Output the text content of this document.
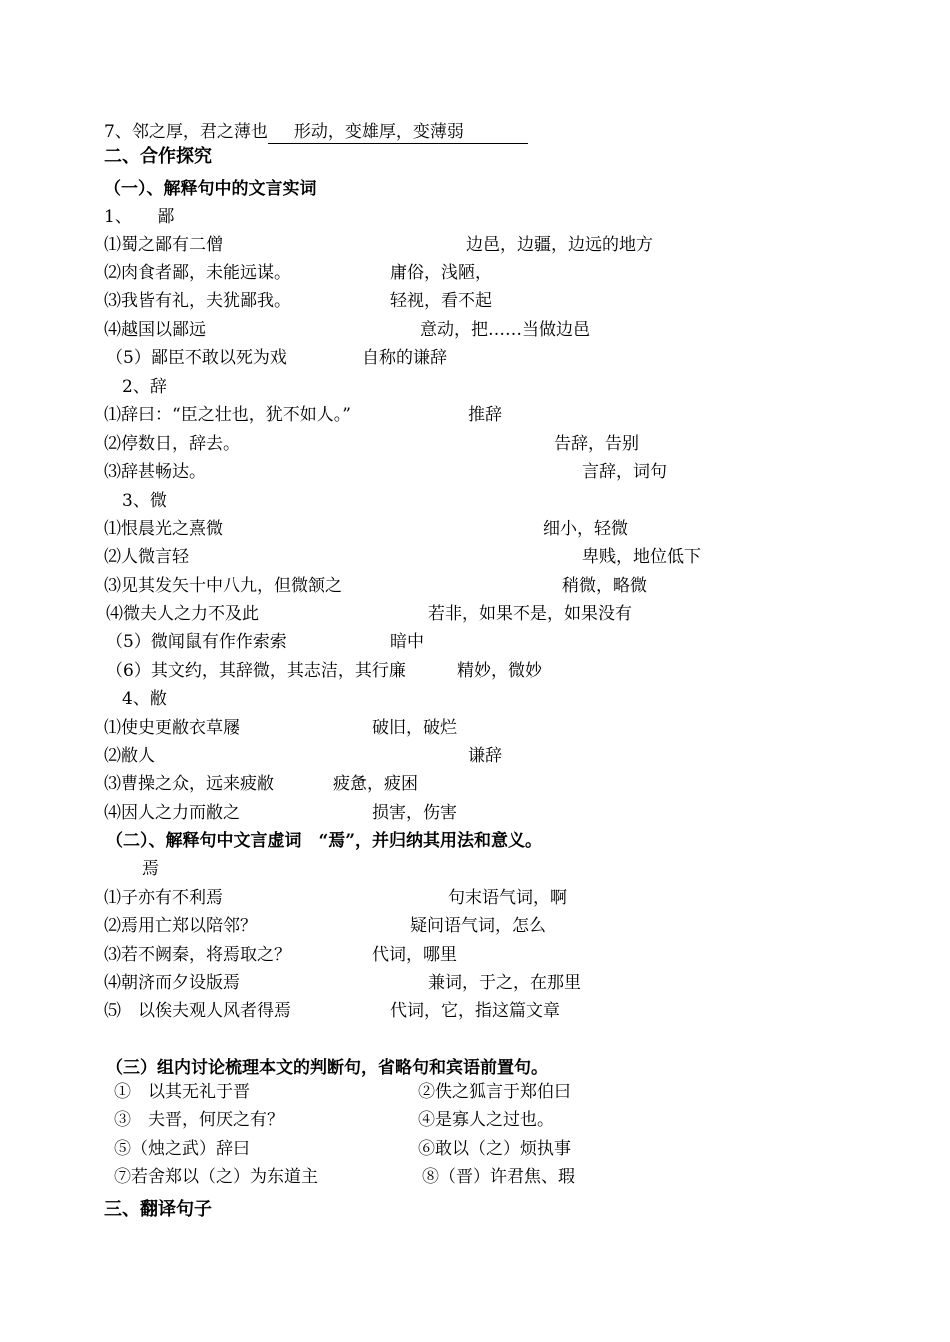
7、邻之厚，君之薄也 形动，变雄厚，变薄弱
二、合作探究
（一）、解释句中的文言实词
1、　　鄙
⑴蜀之鄙有二僧	边邑，边疆，边远的地方
⑵肉食者鄙，未能远谋。	庸俗，浅陋，
⑶我皆有礼，夫犹鄙我。	轻视，看不起
⑷越国以鄙远	意动，把……当做边邑
（5）鄙臣不敢以死为戏	自称的谦辞
2、辞
⑴辞曰：“臣之壮也，犹不如人。”	推辞
⑵停数日，辞去。	告辞，告别
⑶辞甚畅达。	言辞，词句
3、微
⑴恨晨光之熹微	细小，轻微
⑵人微言轻	卑贱，地位低下
⑶见其发矢十中八九，但微颔之	稍微，略微
⑷微夫人之力不及此	若非，如果不是，如果没有
（5）微闻鼠有作作索索	暗中
（6）其文约，其辞微，其志洁，其行廉	精妙，微妙
4、敝
⑴使史更敝衣草屦	破旧，破烂
⑵敝人	谦辞
⑶曹操之众，远来疲敝	疲惫，疲困
⑷因人之力而敝之	损害，伤害
（二）、解释句中文言虚词　“焉”，并归纳其用法和意义。
焉
⑴子亦有不利焉	句末语气词，啊
⑵焉用亡郑以陪邻？	疑问语气词，怎么
⑶若不阙秦，将焉取之？	代词，哪里
⑷朝济而夕设版焉	兼词，于之，在那里
⑸　以俟夫观人风者得焉	代词，它，指这篇文章
（三）组内讨论梳理本文的判断句，省略句和宾语前置句。
①　以其无礼于晋	②佚之狐言于郑伯曰
③　夫晋，何厌之有？	④是寡人之过也。
⑤（烛之武）辞曰	⑥敢以（之）烦执事
⑦若舍郑以（之）为东道主	⑧（晋）许君焦、瑕
三、翻译句子
